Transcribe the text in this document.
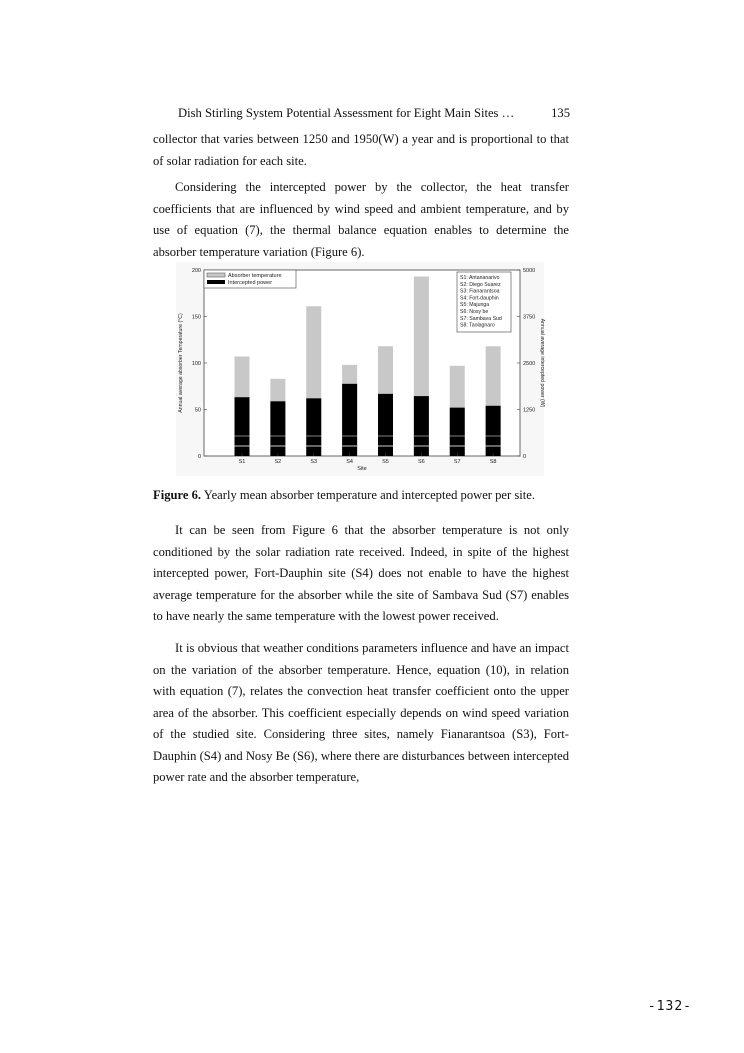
Dish Stirling System Potential Assessment for Eight Main Sites …	135

collector that varies between 1250 and 1950(W) a year and is proportional to that of solar radiation for each site.

Considering the intercepted power by the collector, the heat transfer coefficients that are influenced by wind speed and ambient temperature, and by use of equation (7), the thermal balance equation enables to determine the absorber temperature variation (Figure 6).

0
50
100
150
200
0
1250
2500
3750
5000
S1	S2	S3	S4	S5	S6	S7	S8
Absorber temperature
Intercepted power
S1: Antananarivo
S2: Diego Suarez
S3: Fianarantsoa
S4: Fort-dauphin
S5: Majunga
S6: Nosy be
S7: Sambava Sud
S8: Taolagnaro
Annual average absorber Temperature (°C)	Annual average intercepted power (W)
Site
Figure 6. Yearly mean absorber temperature and intercepted power per site.

It can be seen from Figure 6 that the absorber temperature is not only conditioned by the solar radiation rate received. Indeed, in spite of the highest intercepted power, Fort-Dauphin site (S4) does not enable to have the highest average temperature for the absorber while the site of Sambava Sud (S7) enables to have nearly the same temperature with the lowest power received.

It is obvious that weather conditions parameters influence and have an impact on the variation of the absorber temperature. Hence, equation (10), in relation with equation (7), relates the convection heat transfer coefficient onto the upper area of the absorber. This coefficient especially depends on wind speed variation of the studied site. Considering three sites, namely Fianarantsoa (S3), Fort-Dauphin (S4) and Nosy Be (S6), where there are disturbances between intercepted power rate and the absorber temperature,

-132-
